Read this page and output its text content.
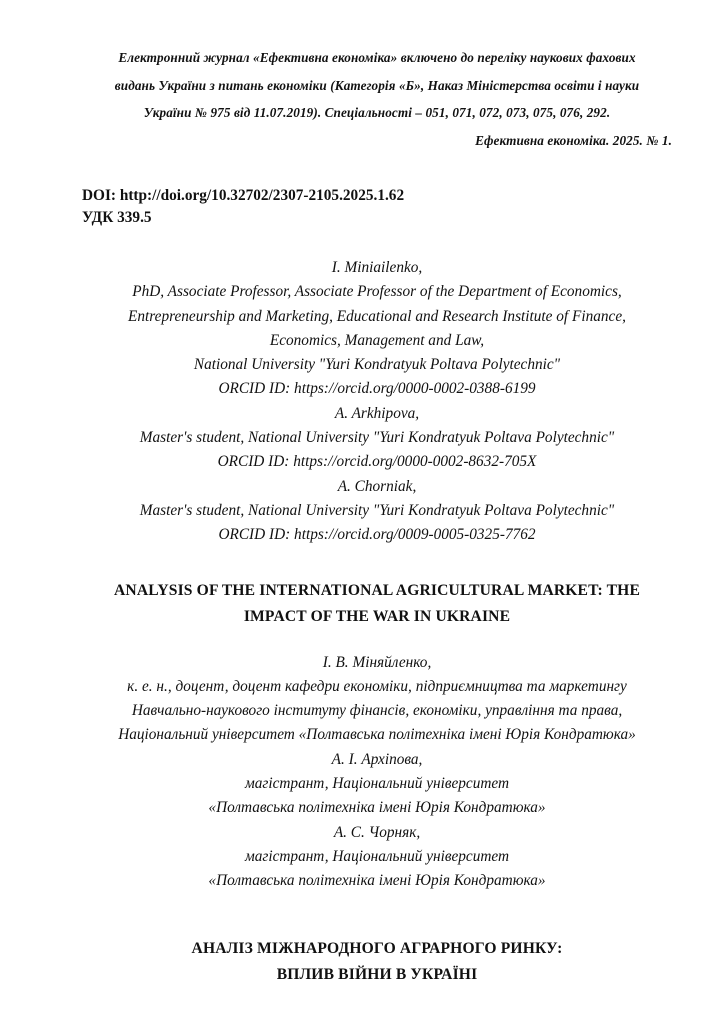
Електронний журнал «Ефективна економіка» включено до переліку наукових фахових
видань України з питань економіки (Категорія «Б», Наказ Міністерства освіти і науки
України № 975 від 11.07.2019). Спеціальності – 051, 071, 072, 073, 075, 076, 292.
Ефективна економіка. 2025. № 1.
DOI: http://doi.org/10.32702/2307-2105.2025.1.62
УДК 339.5
I. Miniailenko,
PhD, Associate Professor, Associate Professor of the Department of Economics,
Entrepreneurship and Marketing, Educational and Research Institute of Finance,
Economics, Management and Law,
National University "Yuri Kondratyuk Poltava Polytechnic"
ORCID ID: https://orcid.org/0000-0002-0388-6199
A. Arkhipova,
Master's student, National University "Yuri Kondratyuk Poltava Polytechnic"
ORCID ID: https://orcid.org/0000-0002-8632-705X
A. Chorniak,
Master's student, National University "Yuri Kondratyuk Poltava Polytechnic"
ORCID ID: https://orcid.org/0009-0005-0325-7762
ANALYSIS OF THE INTERNATIONAL AGRICULTURAL MARKET: THE
IMPACT OF THE WAR IN UKRAINE
І. В. Міняйленко,
к. е. н., доцент, доцент кафедри економіки, підприємництва та маркетингу
Навчально-наукового інституту фінансів, економіки, управління та права,
Національний університет «Полтавська політехніка імені Юрія Кондратюка»
А. І. Архіпова,
магістрант, Національний університет
«Полтавська політехніка імені Юрія Кондратюка»
А. С. Чорняк,
магістрант, Національний університет
«Полтавська політехніка імені Юрія Кондратюка»
АНАЛІЗ МІЖНАРОДНОГО АГРАРНОГО РИНКУ:
ВПЛИВ ВІЙНИ В УКРАЇНІ
